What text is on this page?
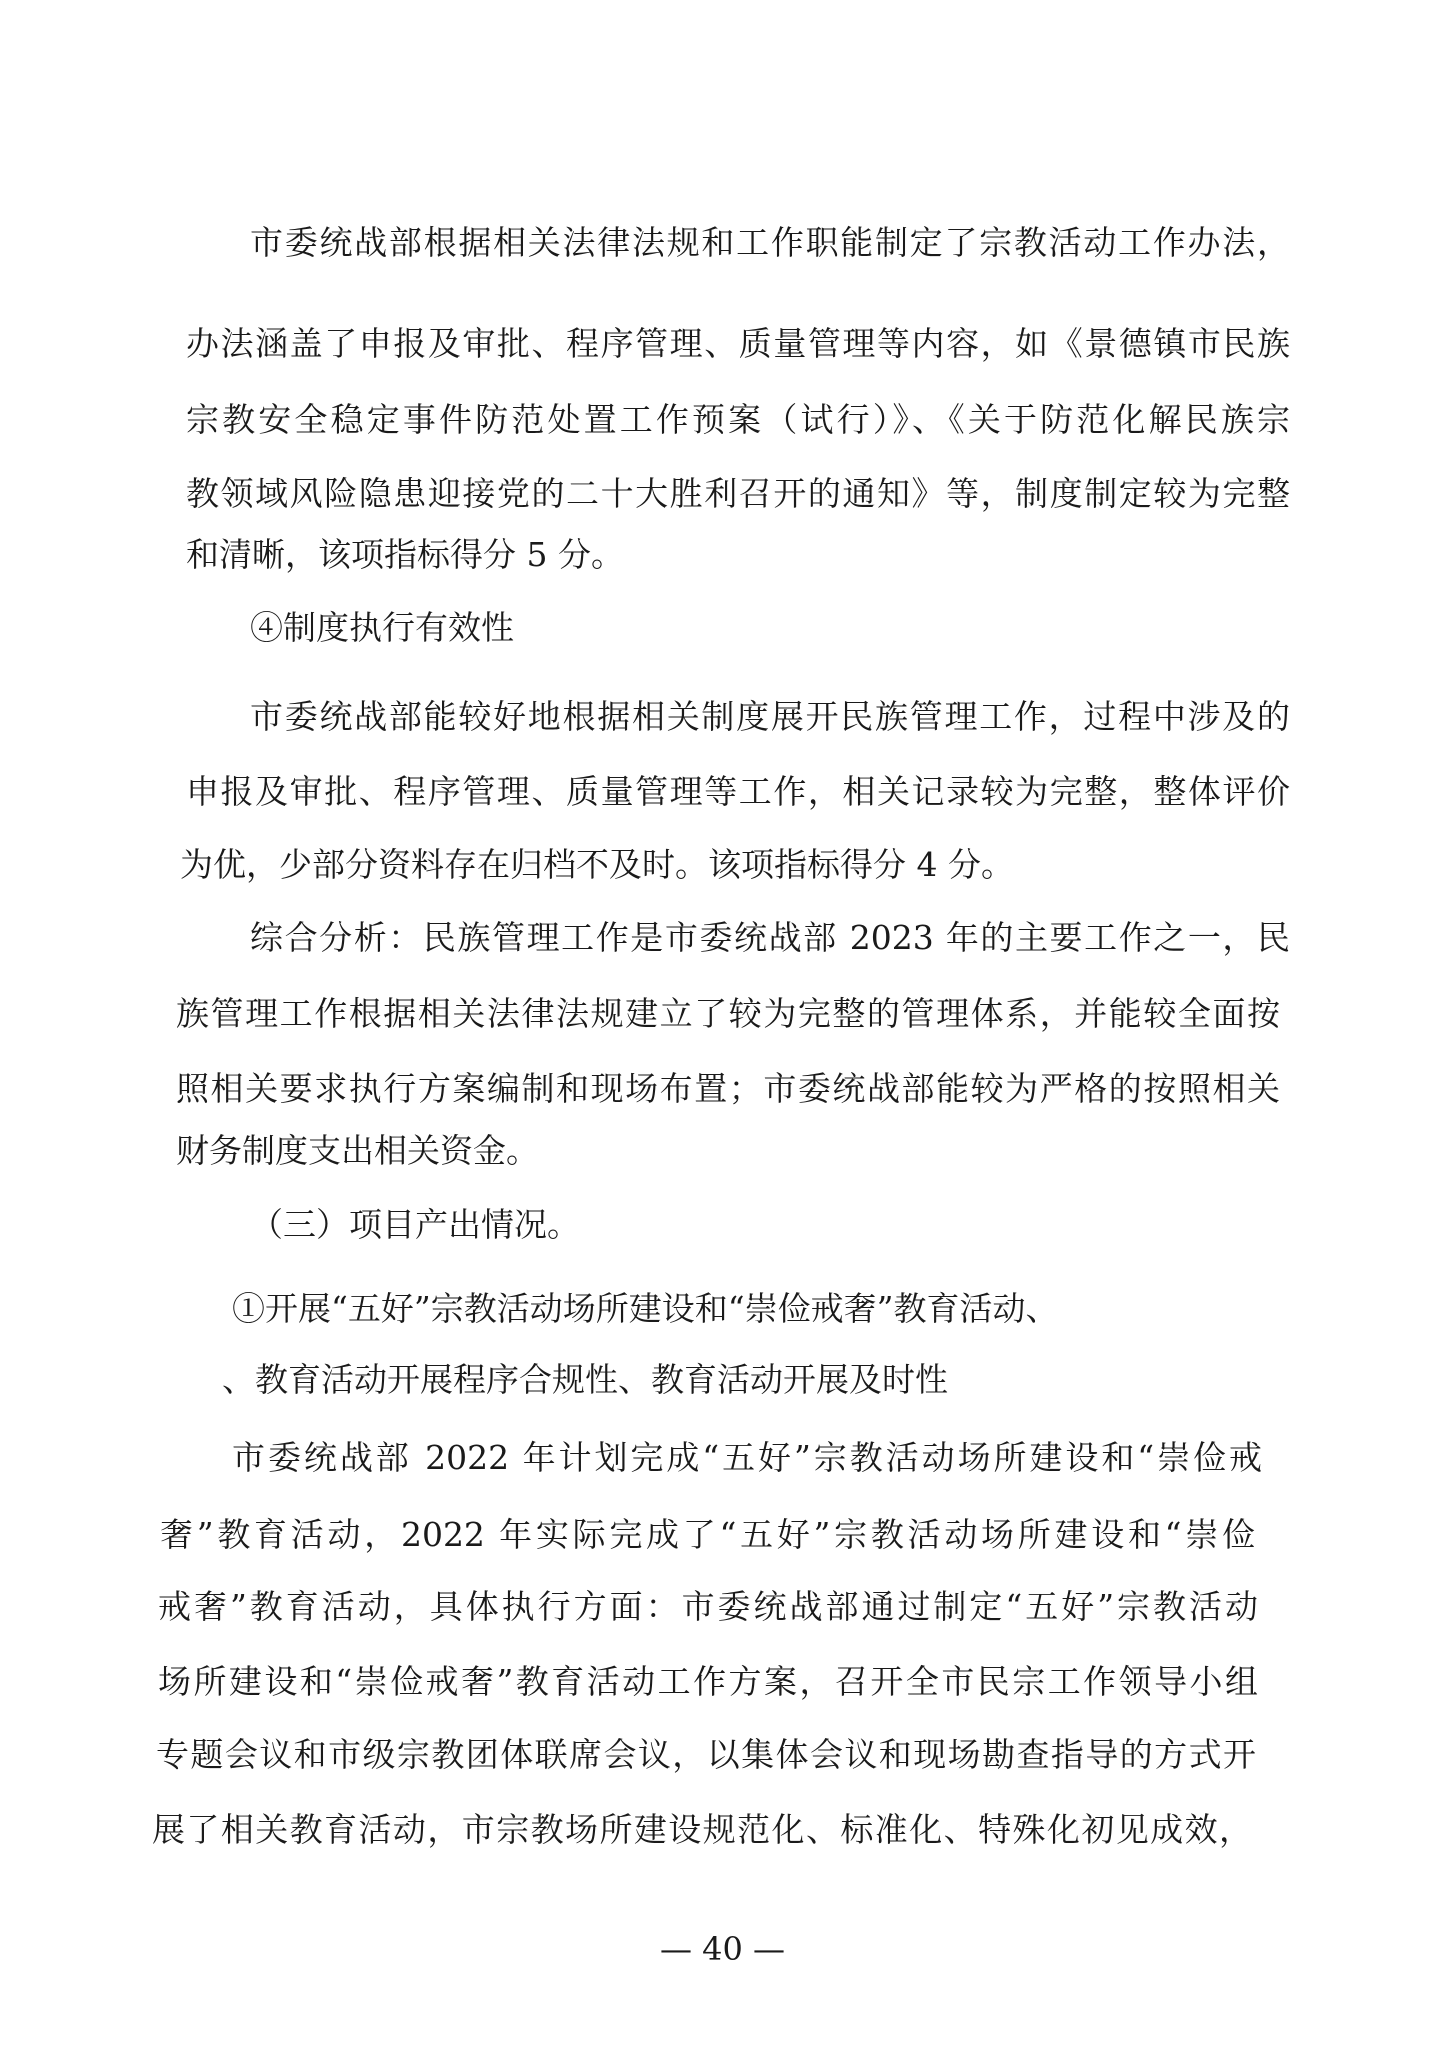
市委统战部根据相关法律法规和工作职能制定了宗教活动工作办法，
办法涵盖了申报及审批、程序管理、质量管理等内容，如《景德镇市民族
宗教安全稳定事件防范处置工作预案（试行）》、《关于防范化解民族宗
教领域风险隐患迎接党的二十大胜利召开的通知》等，制度制定较为完整
和清晰，该项指标得分 5 分。
④制度执行有效性
市委统战部能较好地根据相关制度展开民族管理工作，过程中涉及的
申报及审批、程序管理、质量管理等工作，相关记录较为完整，整体评价
为优，少部分资料存在归档不及时。该项指标得分 4 分。
综合分析：民族管理工作是市委统战部 2023 年的主要工作之一，民
族管理工作根据相关法律法规建立了较为完整的管理体系，并能较全面按
照相关要求执行方案编制和现场布置；市委统战部能较为严格的按照相关
财务制度支出相关资金。
（三）项目产出情况。
①开展“五好”宗教活动场所建设和“崇俭戒奢”教育活动、
、教育活动开展程序合规性、教育活动开展及时性
市委统战部 2022 年计划完成“五好”宗教活动场所建设和“崇俭戒
奢”教育活动，2022 年实际完成了“五好”宗教活动场所建设和“崇俭
戒奢”教育活动，具体执行方面：市委统战部通过制定“五好”宗教活动
场所建设和“崇俭戒奢”教育活动工作方案，召开全市民宗工作领导小组
专题会议和市级宗教团体联席会议，以集体会议和现场勘查指导的方式开
展了相关教育活动，市宗教场所建设规范化、标准化、特殊化初见成效，
— 40 —
